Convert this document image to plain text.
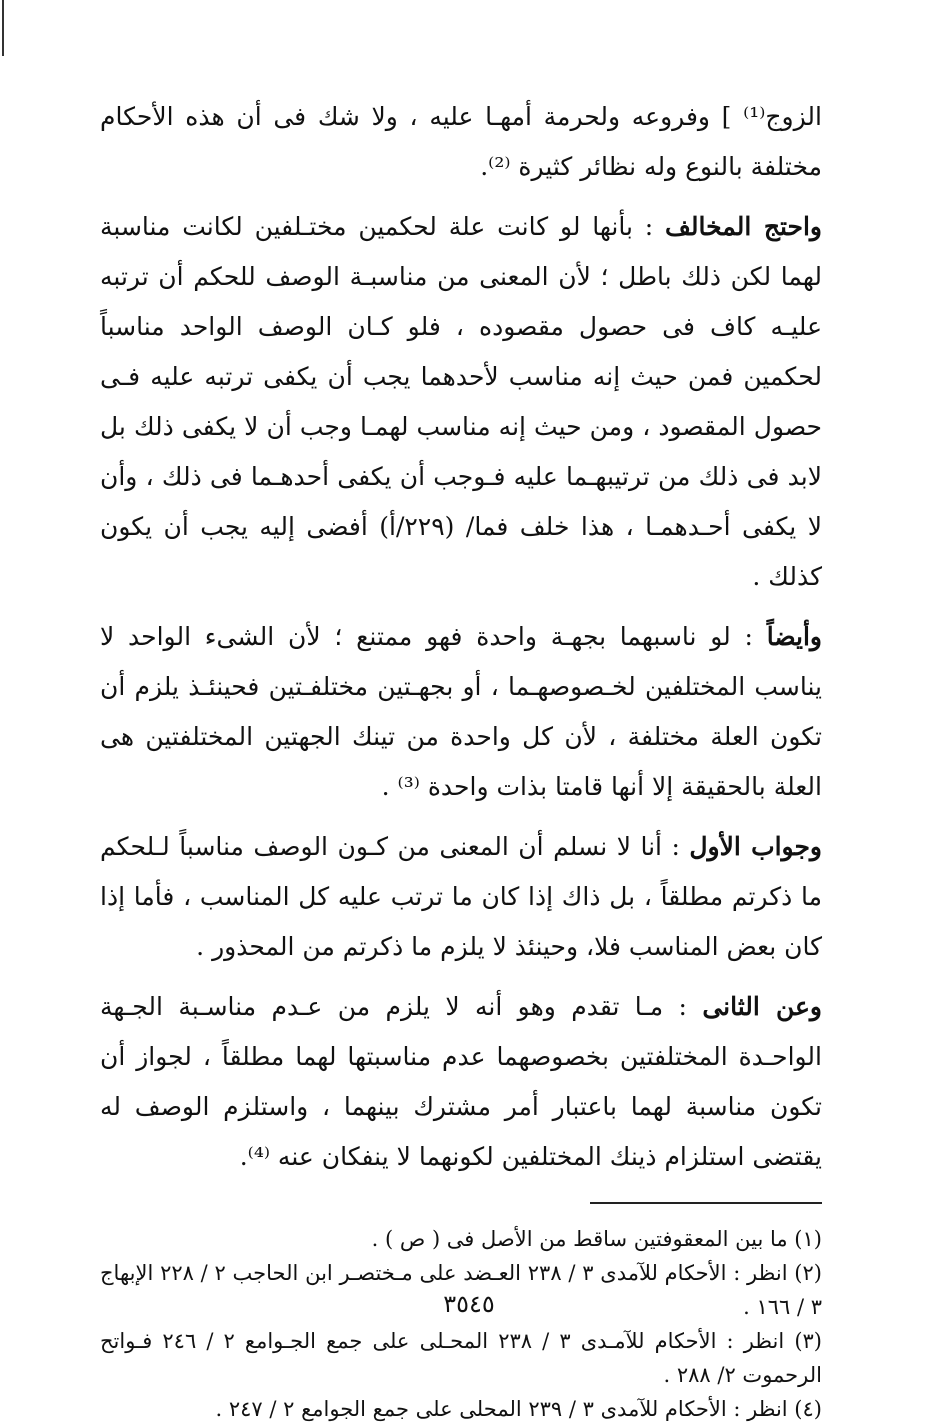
الزوج⁽¹⁾ ] وفروعه ولحرمة أمهـا عليه ، ولا شك فى أن هذه الأحكام مختلفة بالنوع وله نظائر كثيرة ⁽²⁾.

واحتج المخالف : بأنها لو كانت علة لحكمين مختـلفين لكانت مناسبة لهما لكن ذلك باطل ؛ لأن المعنى من مناسبـة الوصف للحكم أن ترتبه عليـه كاف فى حصول مقصوده ، فلو كـان الوصف الواحد مناسباً لحكمين فمن حيث إنه مناسب لأحدهما يجب أن يكفى ترتبه عليه فـى حصول المقصود ، ومن حيث إنه مناسب لهمـا وجب أن لا يكفى ذلك بل لابد فى ذلك من ترتيبهـما عليه فـوجب أن يكفى أحدهـما فى ذلك ، وأن لا يكفى أحـدهمـا ، هذا خلف فما/ (٢٢٩/أ) أفضى إليه يجب أن يكون كذلك .

وأيضاً : لو ناسبهما بجهـة واحدة فهو ممتنع ؛ لأن الشىء الواحد لا يناسب المختلفين لخـصوصهـما ، أو بجهـتين مختلفـتين فحينئـذ يلزم أن تكون العلة مختلفة ، لأن كل واحدة من تينك الجهتين المختلفتين هى العلة بالحقيقة إلا أنها قامتا بذات واحدة ⁽³⁾ .

وجواب الأول : أنا لا نسلم أن المعنى من كـون الوصف مناسباً لـلحكم ما ذكرتم مطلقاً ، بل ذاك إذا كان ما ترتب عليه كل المناسب ، فأما إذا كان بعض المناسب فلا، وحينئذ لا يلزم ما ذكرتم من المحذور .

وعن الثانى : مـا تقدم وهو أنه لا يلزم من عـدم مناسـبة الجـهة الواحـدة المختلفتين بخصوصهما عدم مناسبتها لهما مطلقاً ، لجواز أن تكون مناسبة لهما باعتبار أمر مشترك بينهما ، واستلزم الوصف له يقتضى استلزام ذينك المختلفين لكونهما لا ينفكان عنه ⁽⁴⁾.

(١) ما بين المعقوفتين ساقط من الأصل فى ( ص ) .

(٢) انظر : الأحكام للآمدى ٣ / ٢٣٨ العـضد على مـختصـر ابن الحاجب ٢ / ٢٢٨ الإبهاج ٣ / ١٦٦ .

(٣) انظر : الأحكام للآمـدى ٣ / ٢٣٨ المحـلى على جمع الجـوامع ٢ / ٢٤٦ فـواتح الرحموت ٢/ ٢٨٨ .

(٤) انظر : الأحكام للآمدى ٣ / ٢٣٩ المحلى على جمع الجوامع ٢ / ٢٤٧ .

٣٥٤٥
